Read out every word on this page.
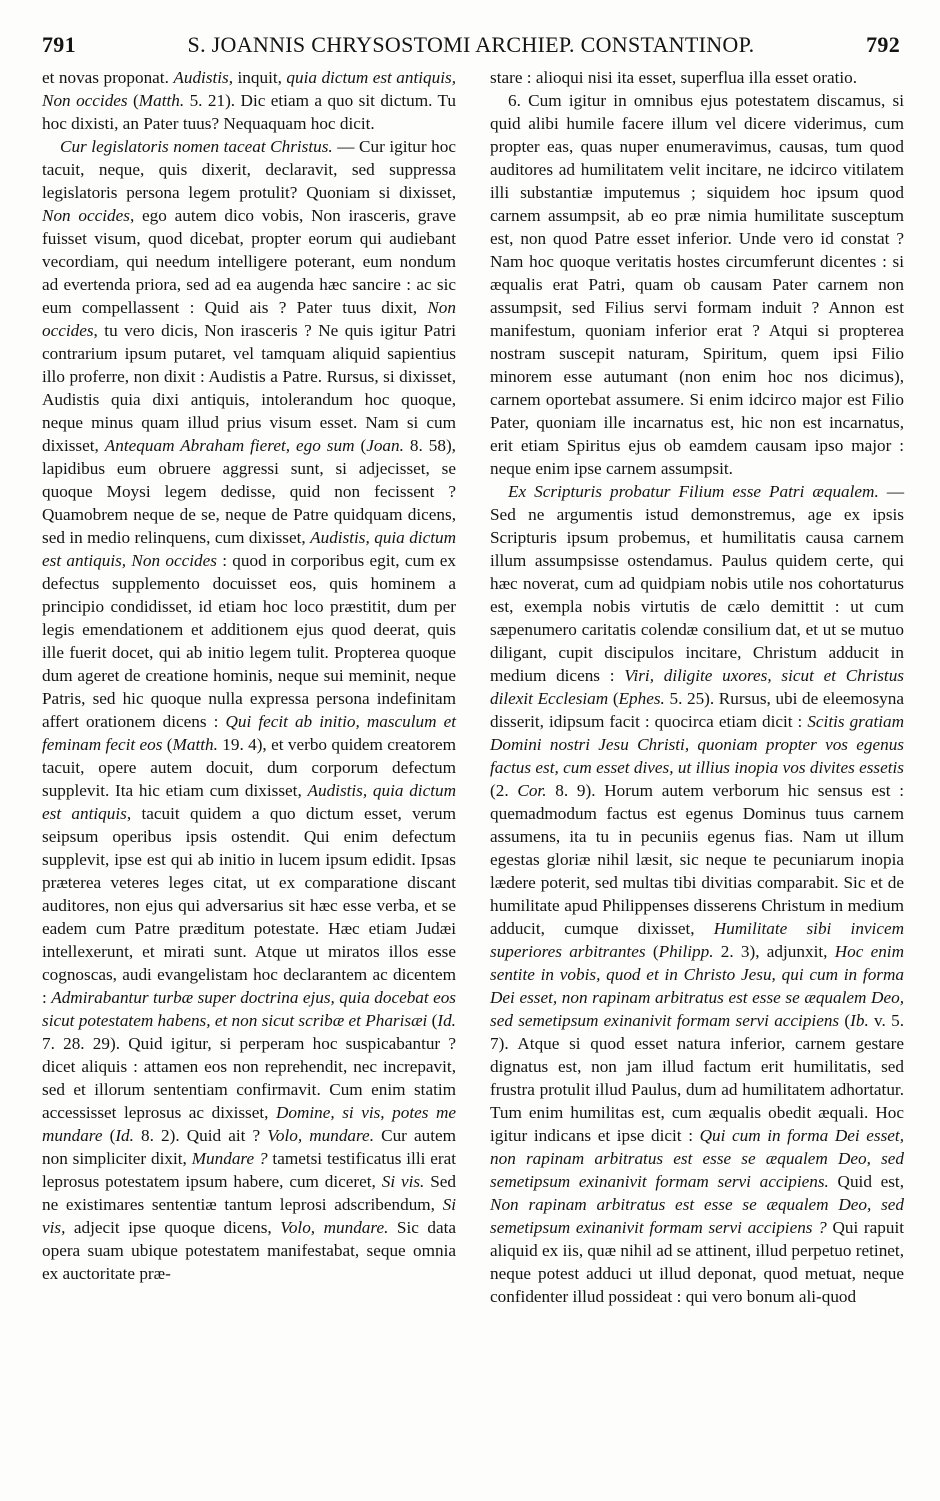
791	S. JOANNIS CHRYSOSTOMI ARCHIEP. CONSTANTINOP.	792

et novas proponat. Audistis, inquit, quia dictum est antiquis, Non occides (Matth. 5. 21). Dic etiam a quo sit dictum. Tu hoc dixisti, an Pater tuus? Nequaquam hoc dicit.

Cur legislatoris nomen taceat Christus. — Cur igitur hoc tacuit, neque, quis dixerit, declaravit, sed suppressa legislatoris persona legem protulit? Quoniam si dixisset, Non occides, ego autem dico vobis, Non irasceris, grave fuisset visum, quod dicebat, propter eorum qui audiebant vecordiam, qui needum intelligere poterant, eum nondum ad evertenda priora, sed ad ea augenda hæc sancire : ac sic eum compellassent : Quid ais ? Pater tuus dixit, Non occides, tu vero dicis, Non irasceris ? Ne quis igitur Patri contrarium ipsum putaret, vel tamquam aliquid sapientius illo proferre, non dixit : Audistis a Patre. Rursus, si dixisset, Audistis quia dixi antiquis, intolerandum hoc quoque, neque minus quam illud prius visum esset. Nam si cum dixisset, Antequam Abraham fieret, ego sum (Joan. 8. 58), lapidibus eum obruere aggressi sunt, si adjecisset, se quoque Moysi legem dedisse, quid non fecissent ? Quamobrem neque de se, neque de Patre quidquam dicens, sed in medio relinquens, cum dixisset, Audistis, quia dictum est antiquis, Non occides : quod in corporibus egit, cum ex defectus supplemento docuisset eos, quis hominem a principio condidisset, id etiam hoc loco præstitit, dum per legis emendationem et additionem ejus quod deerat, quis ille fuerit docet, qui ab initio legem tulit. Propterea quoque dum ageret de creatione hominis, neque sui meminit, neque Patris, sed hic quoque nulla expressa persona indefinitam affert orationem dicens : Qui fecit ab initio, masculum et feminam fecit eos (Matth. 19. 4), et verbo quidem creatorem tacuit, opere autem docuit, dum corporum defectum supplevit. Ita hic etiam cum dixisset, Audistis, quia dictum est antiquis, tacuit quidem a quo dictum esset, verum seipsum operibus ipsis ostendit. Qui enim defectum supplevit, ipse est qui ab initio in lucem ipsum edidit. Ipsas præterea veteres leges citat, ut ex comparatione discant auditores, non ejus qui adversarius sit hæc esse verba, et se eadem cum Patre præditum potestate. Hæc etiam Judæi intellexerunt, et mirati sunt. Atque ut miratos illos esse cognoscas, audi evangelistam hoc declarantem ac dicentem : Admirabantur turbæ super doctrina ejus, quia docebat eos sicut potestatem habens, et non sicut scribæ et Pharisæi (Id. 7. 28. 29). Quid igitur, si perperam hoc suspicabantur ? dicet aliquis : attamen eos non reprehendit, nec increpavit, sed et illorum sententiam confirmavit. Cum enim statim accessisset leprosus ac dixisset, Domine, si vis, potes me mundare (Id. 8. 2). Quid ait ? Volo, mundare. Cur autem non simpliciter dixit, Mundare ? tametsi testificatus illi erat leprosus potestatem ipsum habere, cum diceret, Si vis. Sed ne existimares sententiæ tantum leprosi adscribendum, Si vis, adjecit ipse quoque dicens, Volo, mundare. Sic data opera suam ubique potestatem manifestabat, seque omnia ex auctoritate præ-

stare : alioqui nisi ita esset, superflua illa esset oratio.

6. Cum igitur in omnibus ejus potestatem discamus, si quid alibi humile facere illum vel dicere viderimus, cum propter eas, quas nuper enumeravimus, causas, tum quod auditores ad humilitatem velit incitare, ne idcirco vitilatem illi substantiæ imputemus ; siquidem hoc ipsum quod carnem assumpsit, ab eo præ nimia humilitate susceptum est, non quod Patre esset inferior. Unde vero id constat ? Nam hoc quoque veritatis hostes circumferunt dicentes : si æqualis erat Patri, quam ob causam Pater carnem non assumpsit, sed Filius servi formam induit ? Annon est manifestum, quoniam inferior erat ? Atqui si propterea nostram suscepit naturam, Spiritum, quem ipsi Filio minorem esse autumant (non enim hoc nos dicimus), carnem oportebat assumere. Si enim idcirco major est Filio Pater, quoniam ille incarnatus est, hic non est incarnatus, erit etiam Spiritus ejus ob eamdem causam ipso major : neque enim ipse carnem assumpsit.

Ex Scripturis probatur Filium esse Patri æqualem. — Sed ne argumentis istud demonstremus, age ex ipsis Scripturis ipsum probemus, et humilitatis causa carnem illum assumpsisse ostendamus. Paulus quidem certe, qui hæc noverat, cum ad quidpiam nobis utile nos cohortaturus est, exempla nobis virtutis de cælo demittit : ut cum sæpenumero caritatis colendæ consilium dat, et ut se mutuo diligant, cupit discipulos incitare, Christum adducit in medium dicens : Viri, diligite uxores, sicut et Christus dilexit Ecclesiam (Ephes. 5. 25). Rursus, ubi de eleemosyna disserit, idipsum facit : quocirca etiam dicit : Scitis gratiam Domini nostri Jesu Christi, quoniam propter vos egenus factus est, cum esset dives, ut illius inopia vos divites essetis (2. Cor. 8. 9). Horum autem verborum hic sensus est : quemadmodum factus est egenus Dominus tuus carnem assumens, ita tu in pecuniis egenus fias. Nam ut illum egestas gloriæ nihil læsit, sic neque te pecuniarum inopia lædere poterit, sed multas tibi divitias comparabit. Sic et de humilitate apud Philippenses disserens Christum in medium adducit, cumque dixisset, Humilitate sibi invicem superiores arbitrantes (Philipp. 2. 3), adjunxit, Hoc enim sentite in vobis, quod et in Christo Jesu, qui cum in forma Dei esset, non rapinam arbitratus est esse se æqualem Deo, sed semetipsum exinanivit formam servi accipiens (Ib. v. 5. 7). Atque si quod esset natura inferior, carnem gestare dignatus est, non jam illud factum erit humilitatis, sed frustra protulit illud Paulus, dum ad humilitatem adhortatur. Tum enim humilitas est, cum æqualis obedit æquali. Hoc igitur indicans et ipse dicit : Qui cum in forma Dei esset, non rapinam arbitratus est esse se æqualem Deo, sed semetipsum exinanivit formam servi accipiens. Quid est, Non rapinam arbitratus est esse se æqualem Deo, sed semetipsum exinanivit formam servi accipiens ? Qui rapuit aliquid ex iis, quæ nihil ad se attinent, illud perpetuo retinet, neque potest adduci ut illud deponat, quod metuat, neque confidenter illud possideat : qui vero bonum ali-quod
